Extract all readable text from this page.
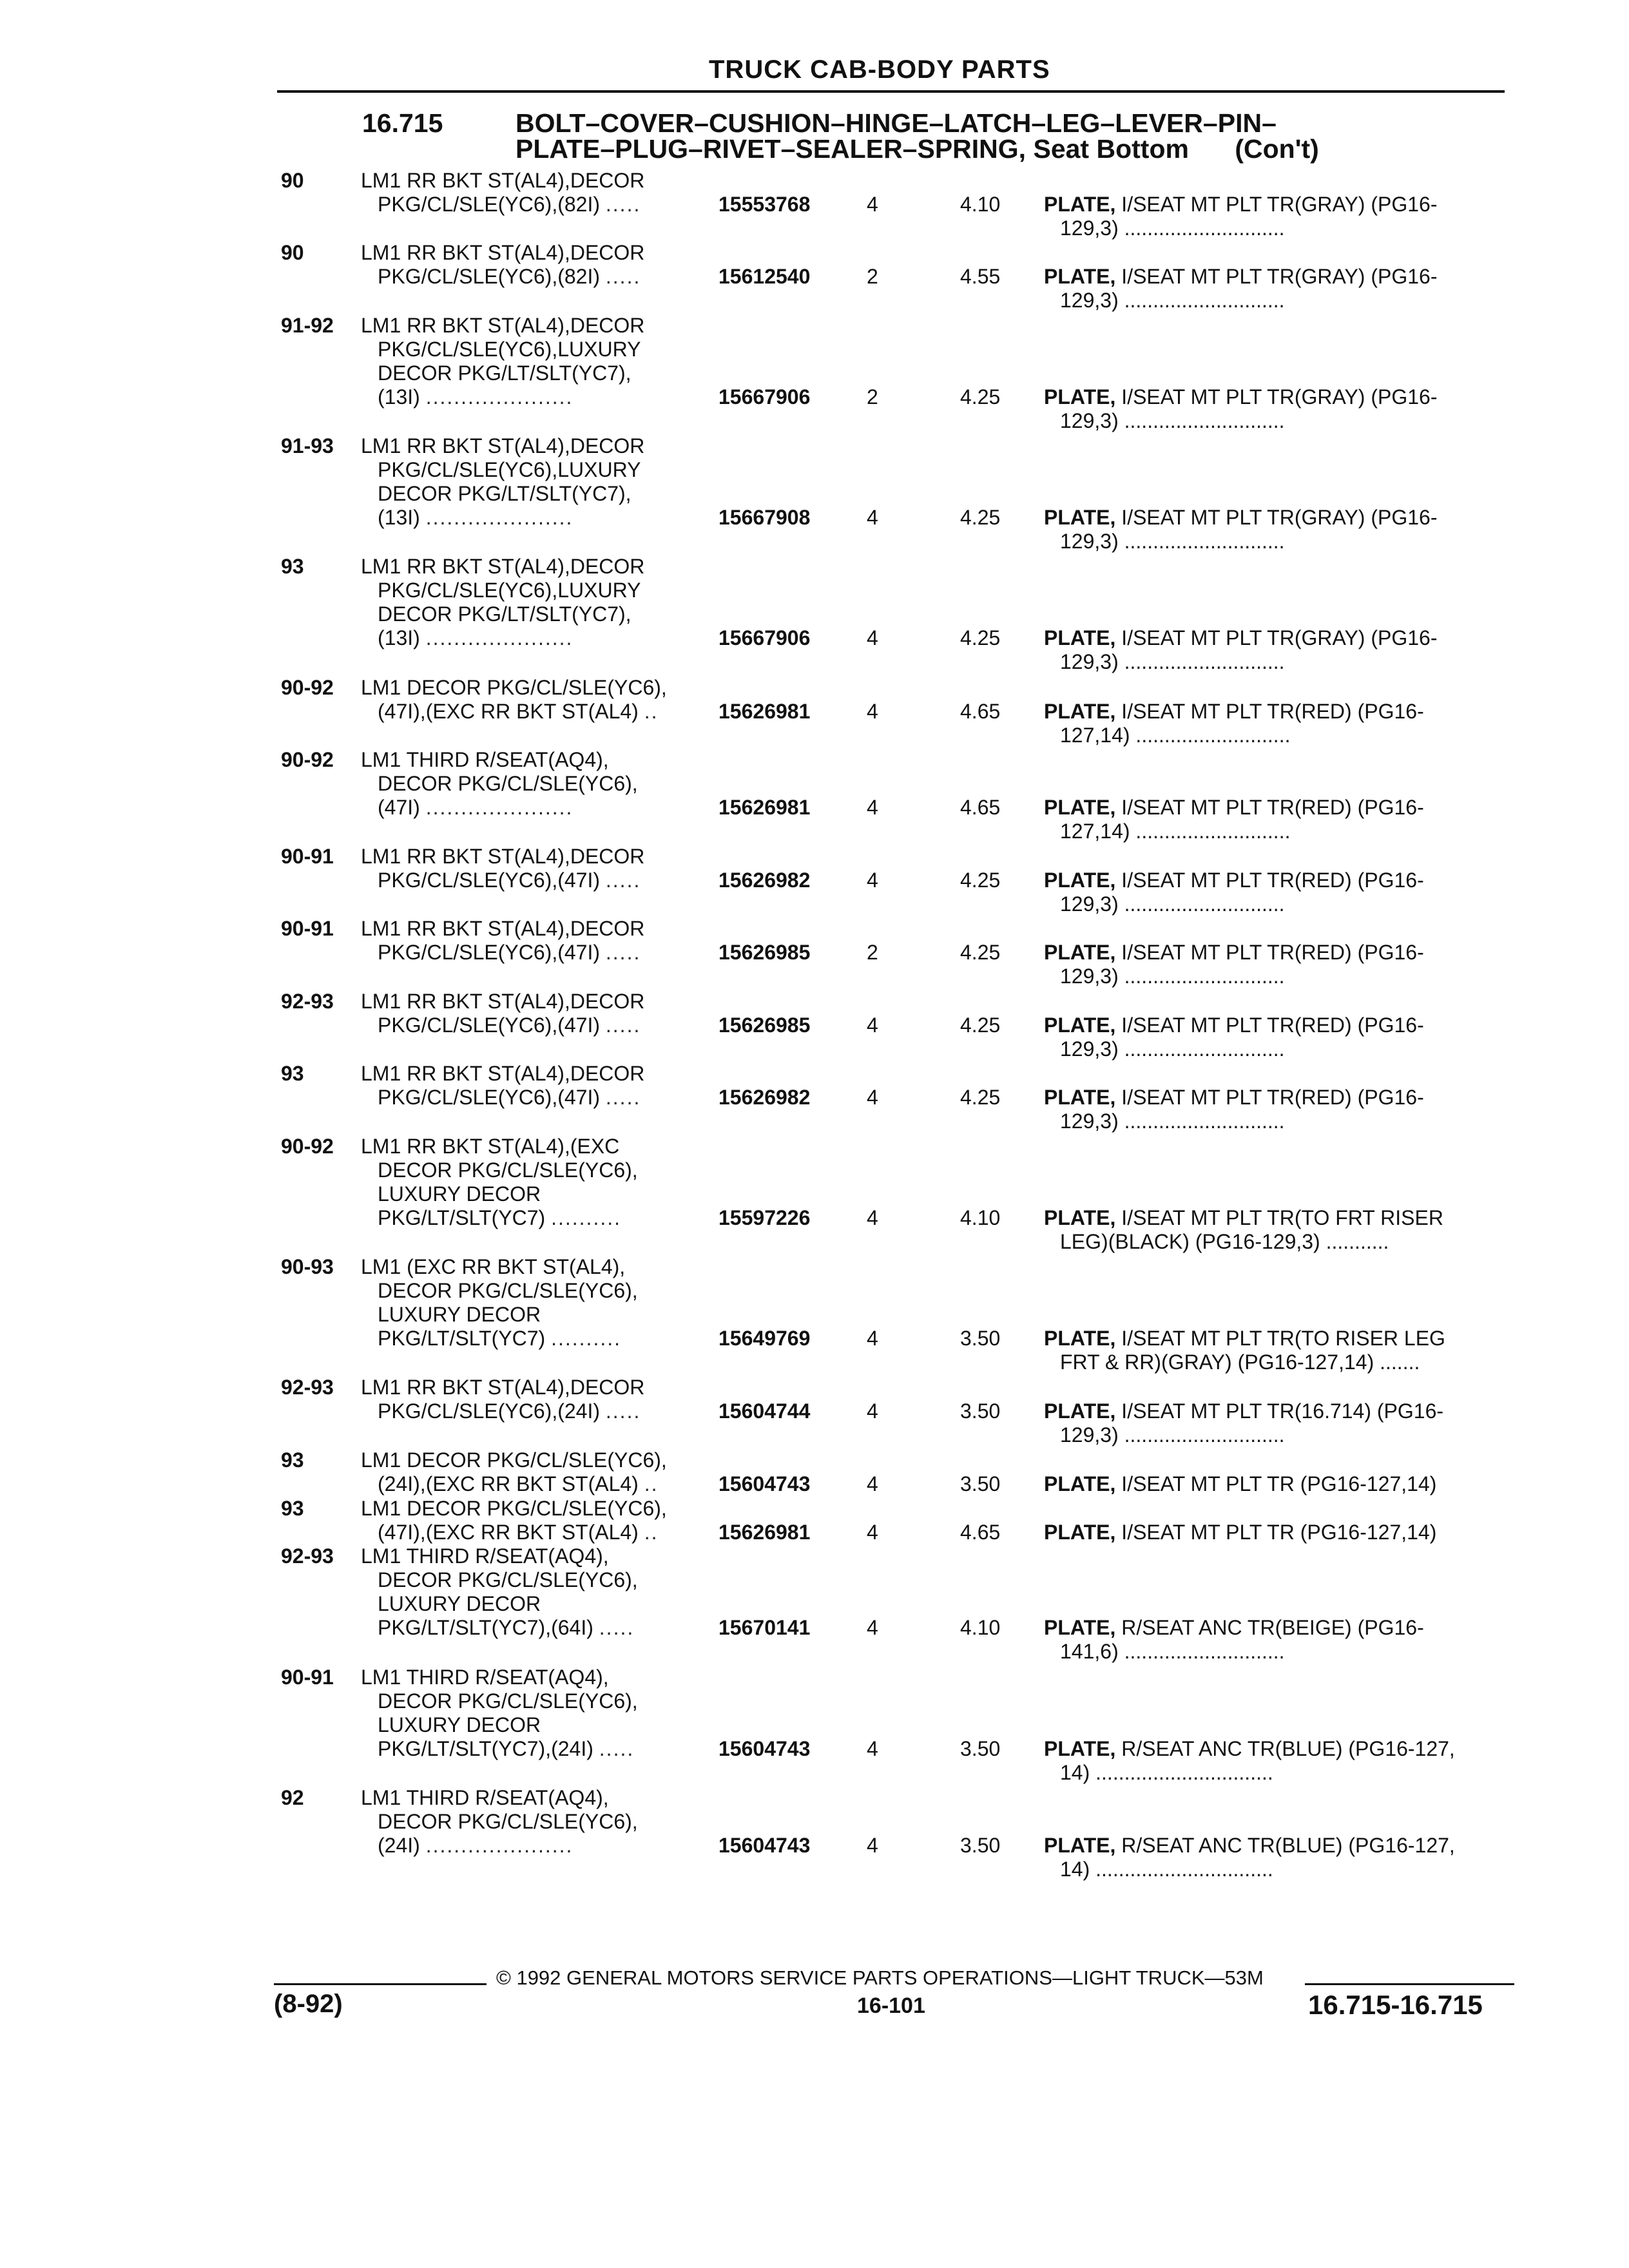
TRUCK CAB-BODY PARTS
16.715	BOLT–COVER–CUSHION–HINGE–LATCH–LEG–LEVER–PIN–
PLATE–PLUG–RIVET–SEALER–SPRING, Seat Bottom (Con't)
90	LM1 RR BKT ST(AL4),DECOR
PKG/CL/SLE(YC6),(82I) .....	15553768	4	4.10 PLATE, I/SEAT MT PLT TR(GRAY) (PG16-
129,3) ............................
90	LM1 RR BKT ST(AL4),DECOR
PKG/CL/SLE(YC6),(82I) .....	15612540	2	4.55 PLATE, I/SEAT MT PLT TR(GRAY) (PG16-
129,3) ............................
91-92 LM1 RR BKT ST(AL4),DECOR
PKG/CL/SLE(YC6),LUXURY
DECOR PKG/LT/SLT(YC7),
(13I) .....................	15667906	2	4.25 PLATE, I/SEAT MT PLT TR(GRAY) (PG16-
129,3) ............................
91-93 LM1 RR BKT ST(AL4),DECOR
PKG/CL/SLE(YC6),LUXURY
DECOR PKG/LT/SLT(YC7),
(13I) .....................	15667908	4	4.25 PLATE, I/SEAT MT PLT TR(GRAY) (PG16-
129,3) ............................
93	LM1 RR BKT ST(AL4),DECOR
PKG/CL/SLE(YC6),LUXURY
DECOR PKG/LT/SLT(YC7),
(13I) .....................	15667906	4	4.25 PLATE, I/SEAT MT PLT TR(GRAY) (PG16-
129,3) ............................
90-92 LM1 DECOR PKG/CL/SLE(YC6),
(47I),(EXC RR BKT ST(AL4) ..	15626981	4	4.65 PLATE, I/SEAT MT PLT TR(RED) (PG16-
127,14) ...........................
90-92 LM1 THIRD R/SEAT(AQ4),
DECOR PKG/CL/SLE(YC6),
(47I) .....................	15626981	4	4.65 PLATE, I/SEAT MT PLT TR(RED) (PG16-
127,14) ...........................
90-91 LM1 RR BKT ST(AL4),DECOR
PKG/CL/SLE(YC6),(47I) .....	15626982	4	4.25 PLATE, I/SEAT MT PLT TR(RED) (PG16-
129,3) ............................
90-91 LM1 RR BKT ST(AL4),DECOR
PKG/CL/SLE(YC6),(47I) .....	15626985	2	4.25 PLATE, I/SEAT MT PLT TR(RED) (PG16-
129,3) ............................
92-93 LM1 RR BKT ST(AL4),DECOR
PKG/CL/SLE(YC6),(47I) .....	15626985	4	4.25 PLATE, I/SEAT MT PLT TR(RED) (PG16-
129,3) ............................
93	LM1 RR BKT ST(AL4),DECOR
PKG/CL/SLE(YC6),(47I) .....	15626982	4	4.25 PLATE, I/SEAT MT PLT TR(RED) (PG16-
129,3) ............................
90-92 LM1 RR BKT ST(AL4),(EXC
DECOR PKG/CL/SLE(YC6),
LUXURY DECOR
PKG/LT/SLT(YC7) ..........	15597226	4	4.10 PLATE, I/SEAT MT PLT TR(TO FRT RISER
LEG)(BLACK) (PG16-129,3) ...........
90-93 LM1 (EXC RR BKT ST(AL4),
DECOR PKG/CL/SLE(YC6),
LUXURY DECOR
PKG/LT/SLT(YC7) ..........	15649769	4	3.50 PLATE, I/SEAT MT PLT TR(TO RISER LEG
FRT & RR)(GRAY) (PG16-127,14) .......
92-93 LM1 RR BKT ST(AL4),DECOR
PKG/CL/SLE(YC6),(24I) .....	15604744	4	3.50 PLATE, I/SEAT MT PLT TR(16.714) (PG16-
129,3) ............................
93	LM1 DECOR PKG/CL/SLE(YC6),
(24I),(EXC RR BKT ST(AL4) ..	15604743	4	3.50 PLATE, I/SEAT MT PLT TR (PG16-127,14)
93	LM1 DECOR PKG/CL/SLE(YC6),
(47I),(EXC RR BKT ST(AL4) ..	15626981	4	4.65 PLATE, I/SEAT MT PLT TR (PG16-127,14)
92-93 LM1 THIRD R/SEAT(AQ4),
DECOR PKG/CL/SLE(YC6),
LUXURY DECOR
PKG/LT/SLT(YC7),(64I) .....	15670141	4	4.10 PLATE, R/SEAT ANC TR(BEIGE) (PG16-
141,6) ............................
90-91 LM1 THIRD R/SEAT(AQ4),
DECOR PKG/CL/SLE(YC6),
LUXURY DECOR
PKG/LT/SLT(YC7),(24I) .....	15604743	4	3.50 PLATE, R/SEAT ANC TR(BLUE) (PG16-127,
14) ...............................
92	LM1 THIRD R/SEAT(AQ4),
DECOR PKG/CL/SLE(YC6),
(24I) .....................	15604743	4	3.50 PLATE, R/SEAT ANC TR(BLUE) (PG16-127,
14) ...............................
© 1992 GENERAL MOTORS SERVICE PARTS OPERATIONS—LIGHT TRUCK—53M
(8-92)	16-101	16.715-16.715
